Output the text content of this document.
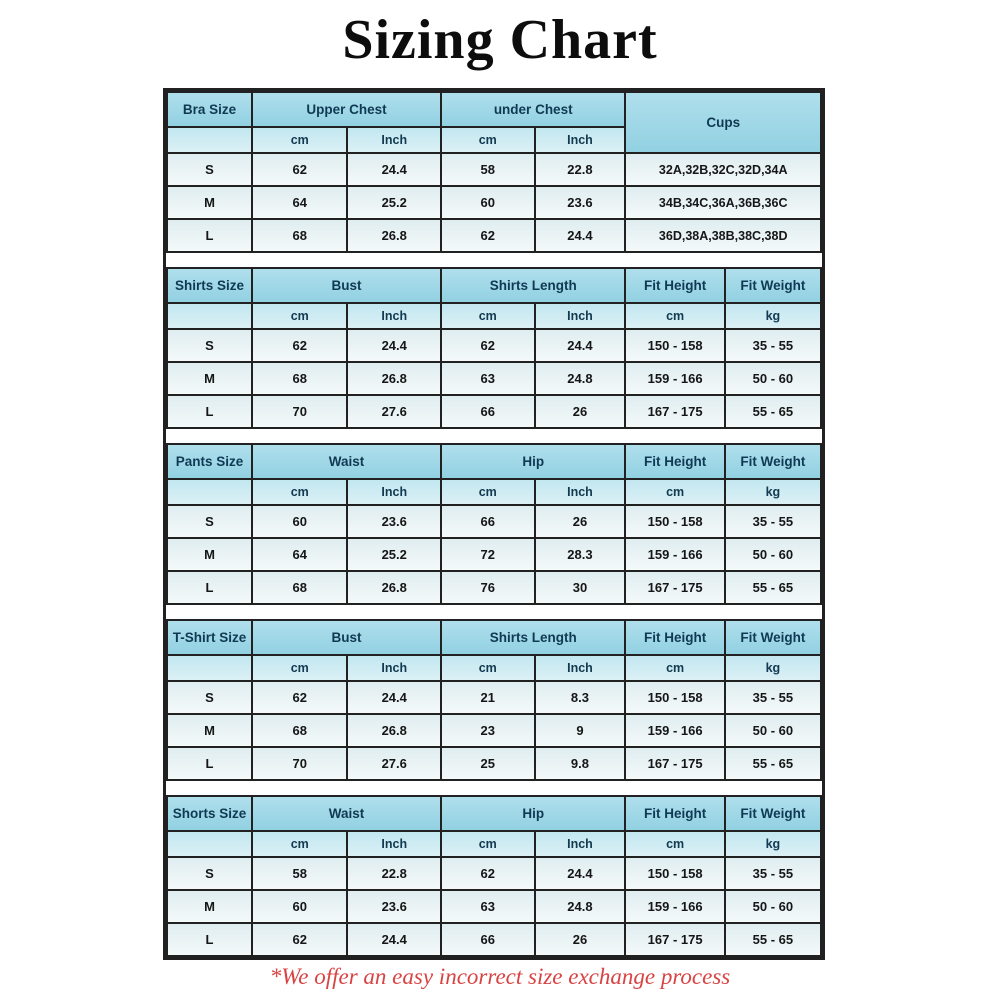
Sizing Chart
Bra Size	Upper Chest		under Chest		Cups
	cm	Inch	cm	Inch	
S	62	24.4	58	22.8	32A,32B,32C,32D,34A
M	64	25.2	60	23.6	34B,34C,36A,36B,36C
L	68	26.8	62	24.4	36D,38A,38B,38C,38D
Shirts Size	Bust		Shirts Length		Fit Height	Fit Weight
	cm	Inch	cm	Inch	cm	kg
S	62	24.4	62	24.4	150 - 158	35 - 55
M	68	26.8	63	24.8	159 - 166	50 - 60
L	70	27.6	66	26	167 - 175	55 - 65
Pants Size	Waist		Hip		Fit Height	Fit Weight
	cm	Inch	cm	Inch	cm	kg
S	60	23.6	66	26	150 - 158	35 - 55
M	64	25.2	72	28.3	159 - 166	50 - 60
L	68	26.8	76	30	167 - 175	55 - 65
T-Shirt Size	Bust		Shirts Length		Fit Height	Fit Weight
	cm	Inch	cm	Inch	cm	kg
S	62	24.4	21	8.3	150 - 158	35 - 55
M	68	26.8	23	9	159 - 166	50 - 60
L	70	27.6	25	9.8	167 - 175	55 - 65
Shorts Size	Waist		Hip		Fit Height	Fit Weight
	cm	Inch	cm	Inch	cm	kg
S	58	22.8	62	24.4	150 - 158	35 - 55
M	60	23.6	63	24.8	159 - 166	50 - 60
L	62	24.4	66	26	167 - 175	55 - 65
*We offer an easy incorrect size exchange process
